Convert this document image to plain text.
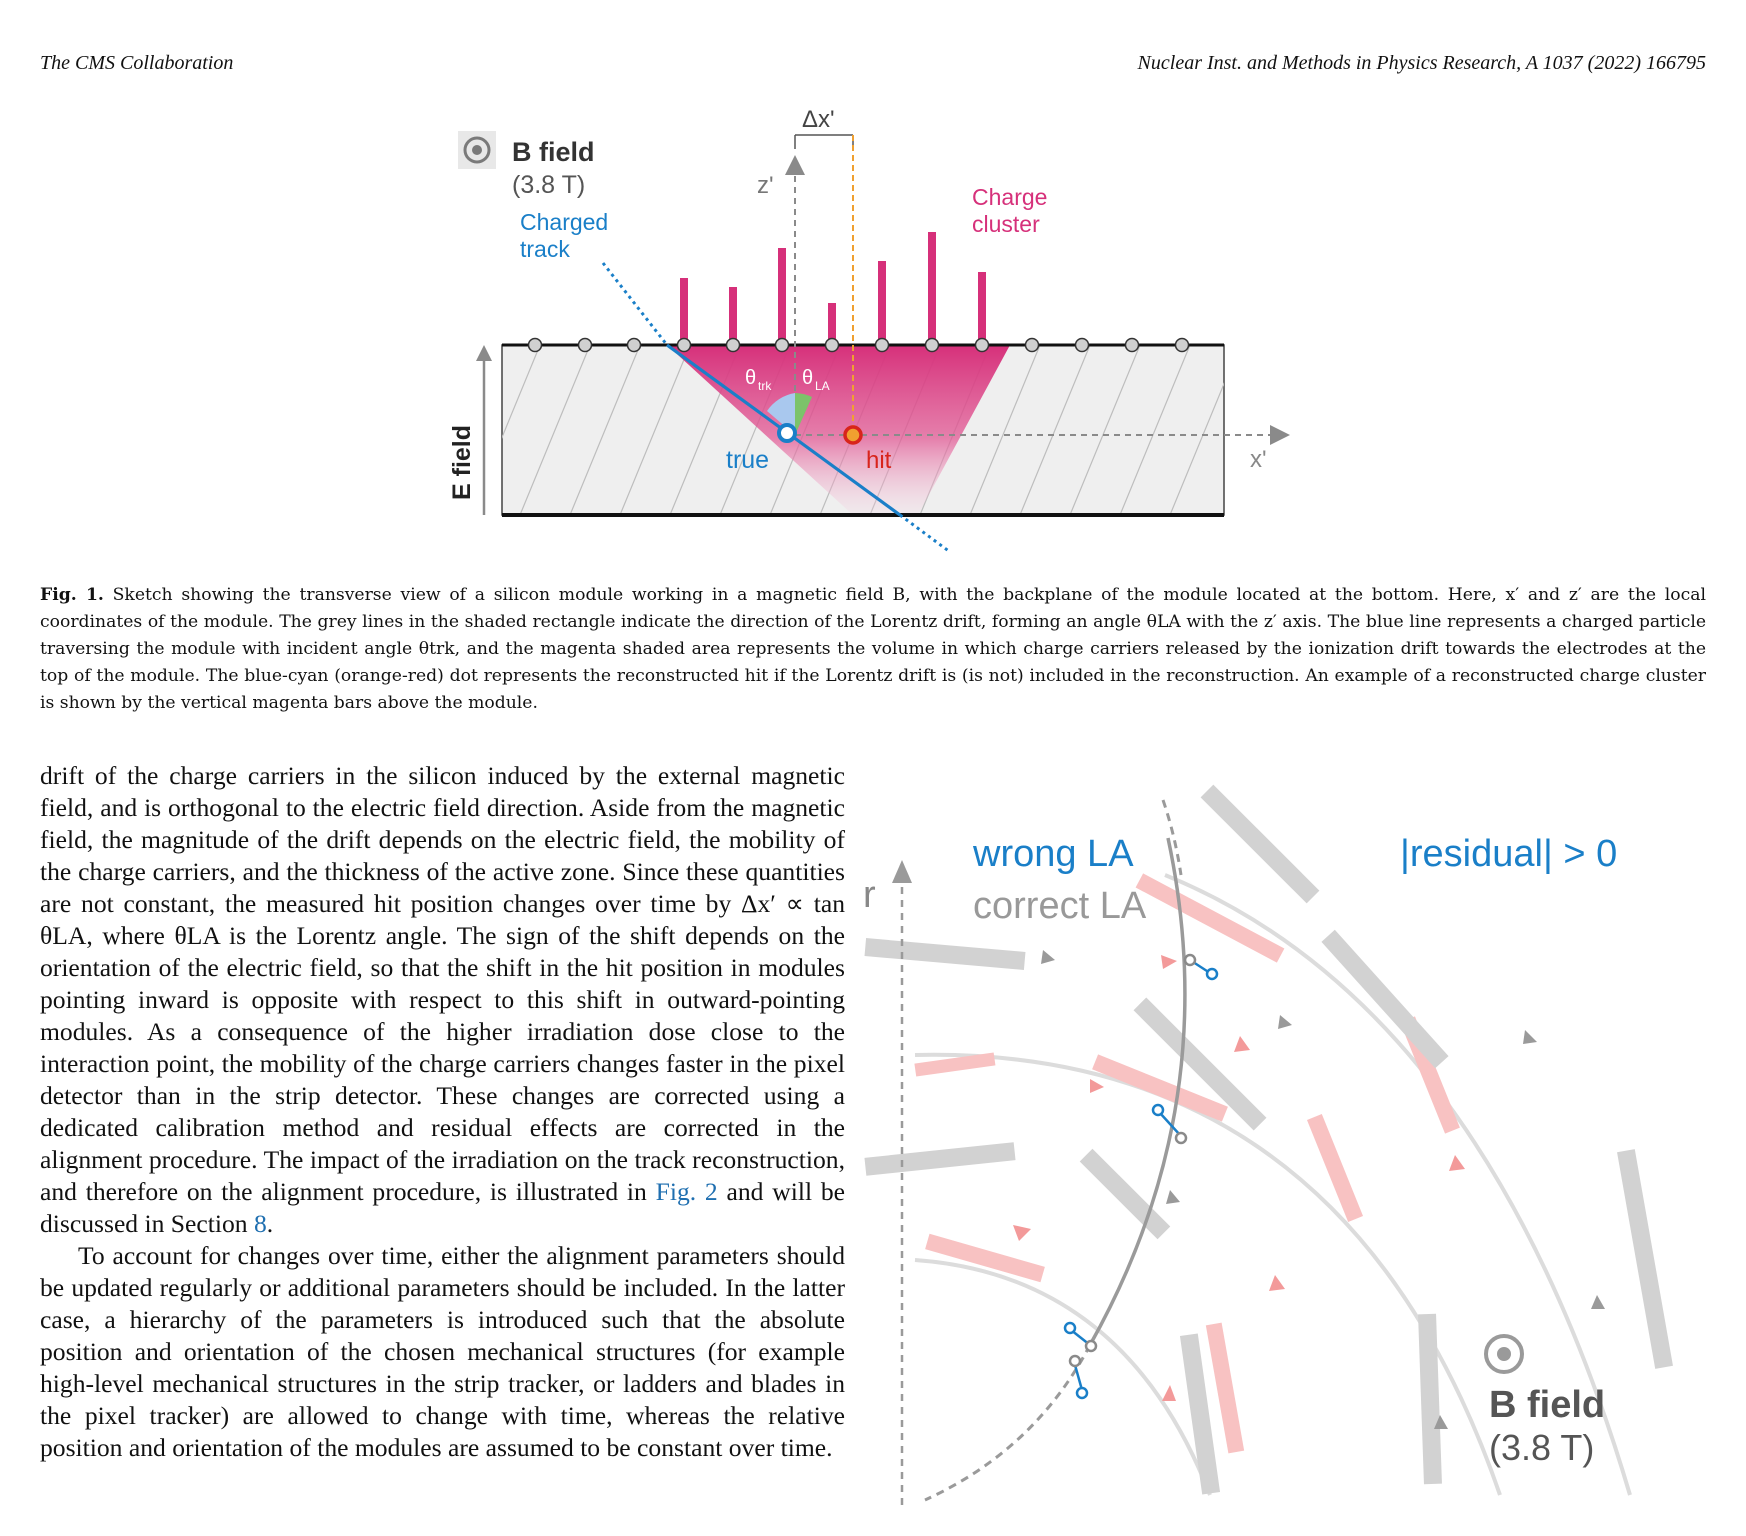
The CMS Collaboration	Nuclear Inst. and Methods in Physics Research, A 1037 (2022) 166795
B field
(3.8 T)	z'
x'
Δx'
Charged
track
Charge
cluster
θ trk θ LA
true	hit
E field
Fig. 1. Sketch showing the transverse view of a silicon module working in a magnetic field B, with the backplane of the module located at the bottom. Here, x′ and z′ are the local coordinates of the module. The grey lines in the shaded rectangle indicate the direction of the Lorentz drift, forming an angle θLA with the z′ axis. The blue line represents a charged particle traversing the module with incident angle θtrk, and the magenta shaded area represents the volume in which charge carriers released by the ionization drift towards the electrodes at the top of the module. The blue-cyan (orange-red) dot represents the reconstructed hit if the Lorentz drift is (is not) included in the reconstruction. An example of a reconstructed charge cluster is shown by the vertical magenta bars above the module.

drift of the charge carriers in the silicon induced by the external magnetic field, and is orthogonal to the electric field direction. Aside from the magnetic field, the magnitude of the drift depends on the electric field, the mobility of the charge carriers, and the thickness of the active zone. Since these quantities are not constant, the measured hit position changes over time by Δx′ ∝ tan θLA, where θLA is the Lorentz angle. The sign of the shift depends on the orientation of the electric field, so that the shift in the hit position in modules pointing inward is opposite with respect to this shift in outward-pointing modules. As a consequence of the higher irradiation dose close to the interaction point, the mobility of the charge carriers changes faster in the pixel detector than in the strip detector. These changes are corrected using a dedicated calibration method and residual effects are corrected in the alignment procedure. The impact of the irradiation on the track reconstruction, and therefore on the alignment procedure, is illustrated in Fig. 2 and will be discussed in Section 8.

To account for changes over time, either the alignment parameters should be updated regularly or additional parameters should be included. In the latter case, a hierarchy of the parameters is introduced such that the absolute position and orientation of the chosen mechanical structures (for example high-level mechanical structures in the strip tracker, or ladders and blades in the pixel tracker) are allowed to change with time, whereas the relative position and orientation of the modules are assumed to be constant over time.

r
wrong LA
correct LA
|residual| > 0
B field
(3.8 T)
